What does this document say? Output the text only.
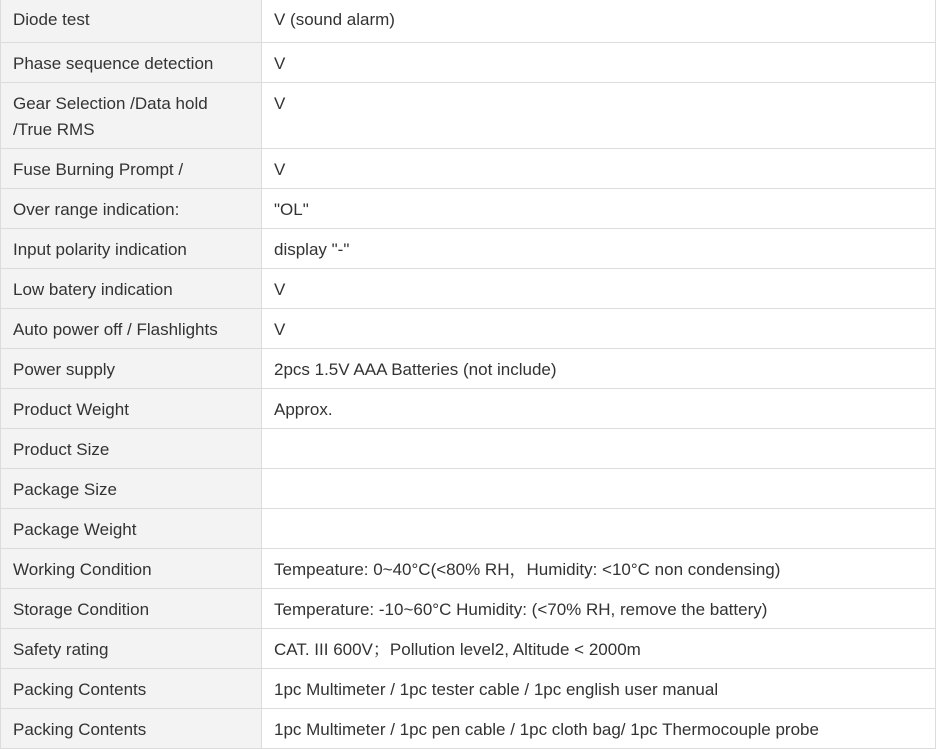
Diode test	V (sound alarm)
Phase sequence detection	V
Gear Selection /Data hold /True RMS	V
Fuse Burning Prompt /	V
Over range indication:	"OL"
Input polarity indication	display "-"
Low batery indication	V
Auto power off / Flashlights	V
Power supply	2pcs 1.5V AAA Batteries (not include)
Product Weight	Approx.
Product Size	
Package Size	
Package Weight	
Working Condition	Tempeature: 0~40°C(<80% RH，Humidity: <10°C non condensing)
Storage Condition	Temperature: -10~60°C Humidity: (<70% RH, remove the battery)
Safety rating	CAT. III 600V；Pollution level2, Altitude < 2000m
Packing Contents	1pc Multimeter / 1pc tester cable / 1pc english user manual
Packing Contents	1pc Multimeter / 1pc pen cable / 1pc cloth bag/ 1pc Thermocouple probe
